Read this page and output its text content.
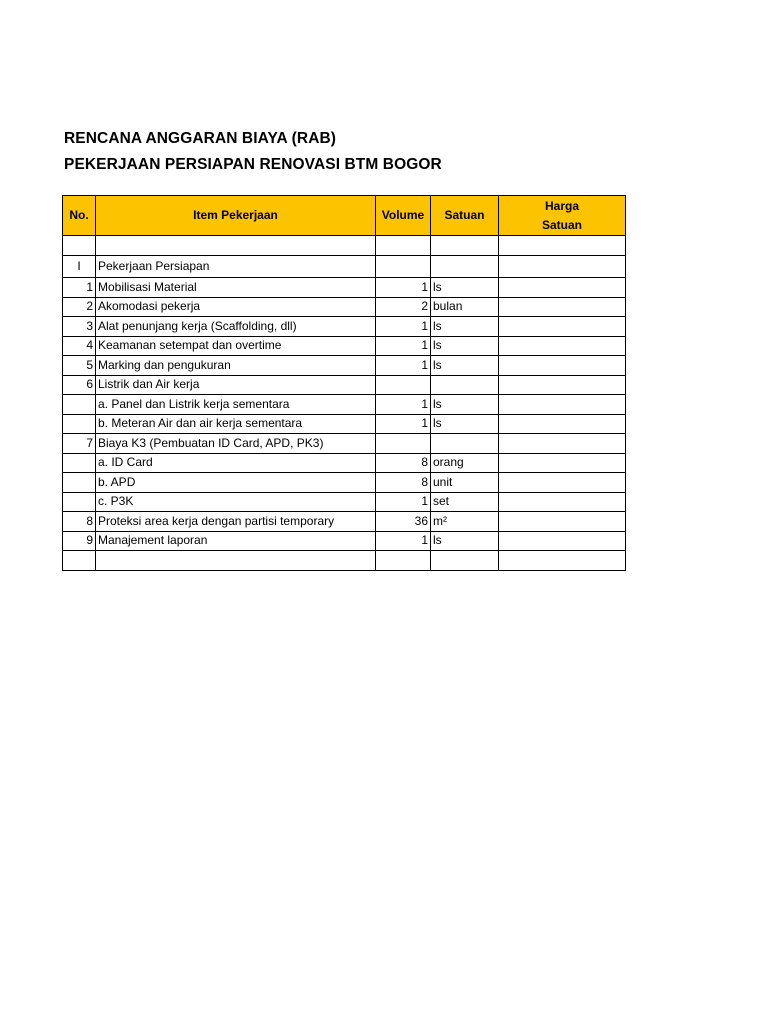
RENCANA ANGGARAN BIAYA (RAB)
PEKERJAAN PERSIAPAN RENOVASI BTM BOGOR
No.	Item Pekerjaan	Volume	Satuan	Harga
Satuan

I	Pekerjaan Persiapan			
1	Mobilisasi Material	1	ls	
2	Akomodasi pekerja	2	bulan	
3	Alat penunjang kerja (Scaffolding, dll)	1	ls	
4	Keamanan setempat dan overtime	1	ls	
5	Marking dan pengukuran	1	ls	
6	Listrik dan Air kerja			
	a. Panel dan Listrik kerja sementara	1	ls	
	b. Meteran Air dan air kerja sementara	1	ls	
7	Biaya K3 (Pembuatan ID Card, APD, PK3)			
	a. ID Card	8	orang	
	b. APD	8	unit	
	c. P3K	1	set	
8	Proteksi area kerja dengan partisi temporary	36	m²	
9	Manajement laporan	1	ls	
